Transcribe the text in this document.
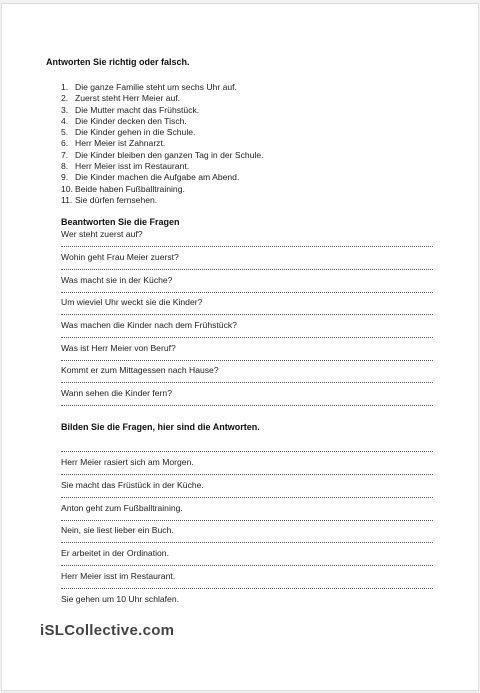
Antworten Sie richtig oder falsch.
1. Die ganze Familie steht um sechs Uhr auf.
2. Zuerst steht Herr Meier auf.
3. Die Mutter macht das Frühstück.
4. Die Kinder decken den Tisch.
5. Die Kinder gehen in die Schule.
6. Herr Meier ist Zahnarzt.
7. Die Kinder bleiben den ganzen Tag in der Schule.
8. Herr Meier isst im Restaurant.
9. Die Kinder machen die Aufgabe am Abend.
10. Beide haben Fußballtraining.
11. Sie dürfen fernsehen.
Beantworten Sie die Fragen
Wer steht zuerst auf?
Wohin geht Frau Meier zuerst?
Was macht sie in der Küche?
Um wieviel Uhr weckt sie die Kinder?
Was machen die Kinder nach dem Frühstück?
Was ist Herr Meier von Beruf?
Kommt er zum Mittagessen nach Hause?
Wann sehen die Kinder fern?
Bilden Sie die Fragen, hier sind die Antworten.
Herr Meier rasiert sich am Morgen.
Sie macht das Früstück in der Küche.
Anton geht zum Fußballtraining.
Nein, sie liest lieber ein Buch.
Er arbeitet in der Ordination.
Herr Meier isst im Restaurant.
Sie gehen um 10 Uhr schlafen.
iSLCollective.com
